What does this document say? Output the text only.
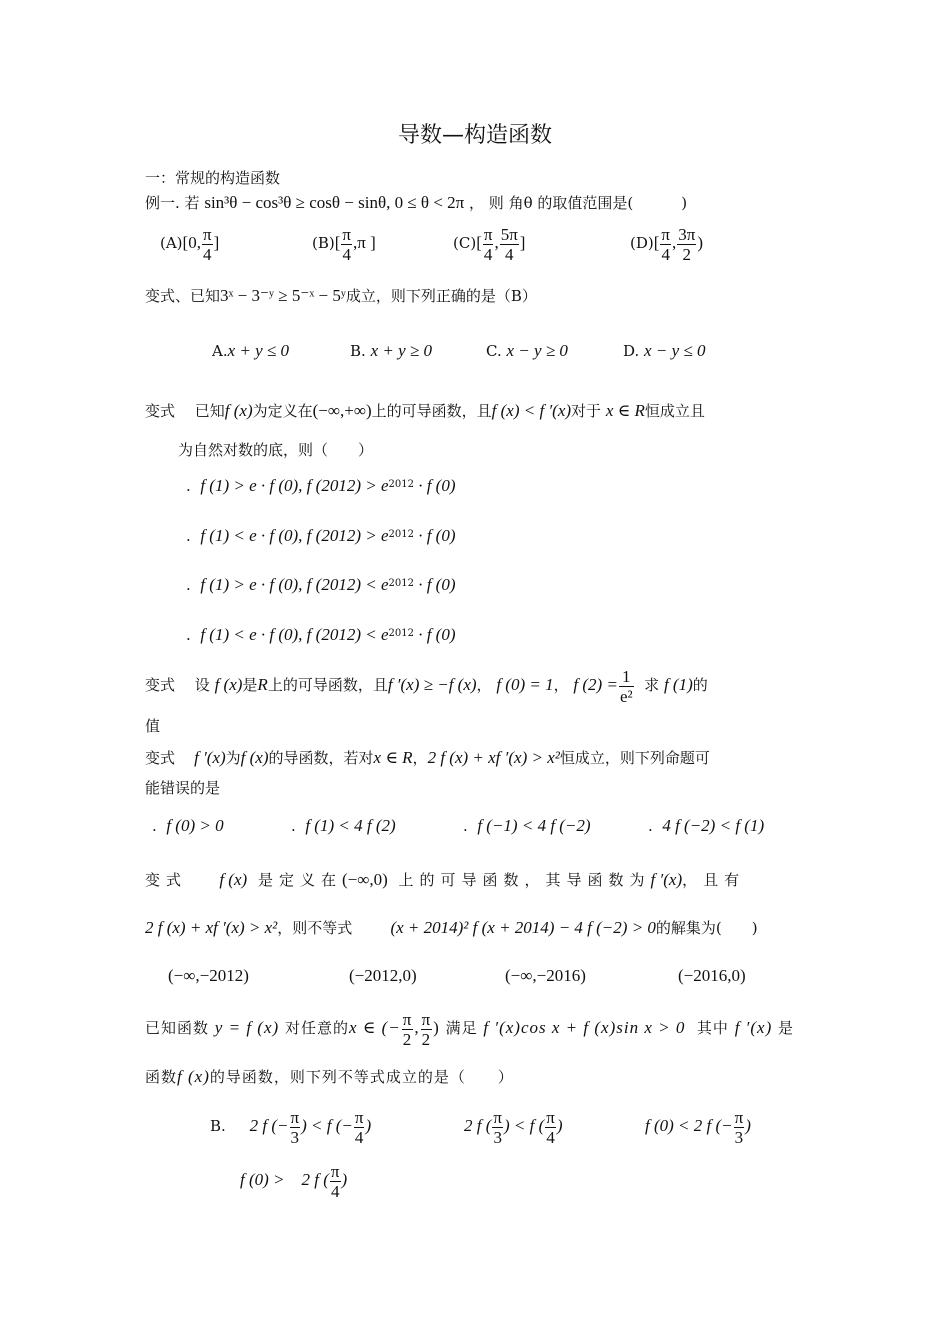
导数—构造函数
一：常规的构造函数
例一. 若 sin³θ − cos³θ ≥ cosθ − sinθ, 0 ≤ θ < 2π ， 则 角θ 的取值范围是(	)
(A)[0, $\frac{\pi}{4}$ ]	$(B)[ \frac{\pi}{4} ,\pi$ ]	$(C)[ \frac{\pi}{4}$ , $\frac{5\pi}{4}$ ]	$(D)[ \frac{\pi}{4}$ , $\frac{3\pi}{2}$ )
变式、已知3ˣ − 3⁻ʸ ≥ 5⁻ˣ − 5ʸ成立，则下列正确的是（B）
A.x + y ≤ 0	B. x + y ≥ 0	C. x − y ≥ 0	D. x − y ≤ 0
变式　 已知f (x)为定义在(−∞,+∞)上的可导函数，且f (x) < f ′(x)对于 x ∈ R恒成立且
为自然对数的底，则（　　）
. f (1) > e · f (0), f $(2012) > e^{2012} \cdot f$ (0)
. f (1) < e · f (0), f $(2012) > e^{2012} \cdot f$ (0)
. f (1) > e · f (0), f $(2012) < e^{2012} \cdot f$ (0)
. f (1) < e · f (0), f $(2012) < e^{2012} \cdot f$ (0)
变式　 设 f (x)是R上的可导函数，且f ′(x) ≥ −f (x)， f (0) = 1， f $(2) = \frac{1}{\text{e²}}$ 求 f (1)的
值
变式 f ′(x)为f (x)的导函数，若对x ∈ R，2 f (x) + xf ′(x) > x²恒成立，则下列命题可
能错误的是
. f (0) > 0	. f (1) < 4 f (2)	. f (−1) < 4 f (−2)	. 4 f (−2) < f (1)
变式 f (x) 是定义在(−∞,0) 上的可导函数，其导函数为f ′(x)，且有
2 f (x) + xf ′(x) > x²，则不等式 (x + 2014)² f (x + 2014) − 4 f (−2) > 0的解集为(　　)
(−∞,−2012)	(−2012,0)	(−∞,−2016)	(−2016,0)
已知函数 y = f (x) 对任意的x ∈ (− $\frac{\pi}{2}$ , $\frac{\pi}{2}$ ) 满足 f ′(x)cos x + f (x)sin x > 0 其中 f ′(x) 是
函数f (x)的导函数，则下列不等式成立的是（　　）
B. 2 f (− $\frac{\pi}{3}$ ) < f (− $\frac{\pi}{4}$ )	2 f ( $\frac{\pi}{3}$ ) < f ( $\frac{\pi}{4}$ )	f (0) < 2 f (− $\frac{\pi}{3}$ )
f (0) >　2 f ( $\frac{\pi}{4}$ )
